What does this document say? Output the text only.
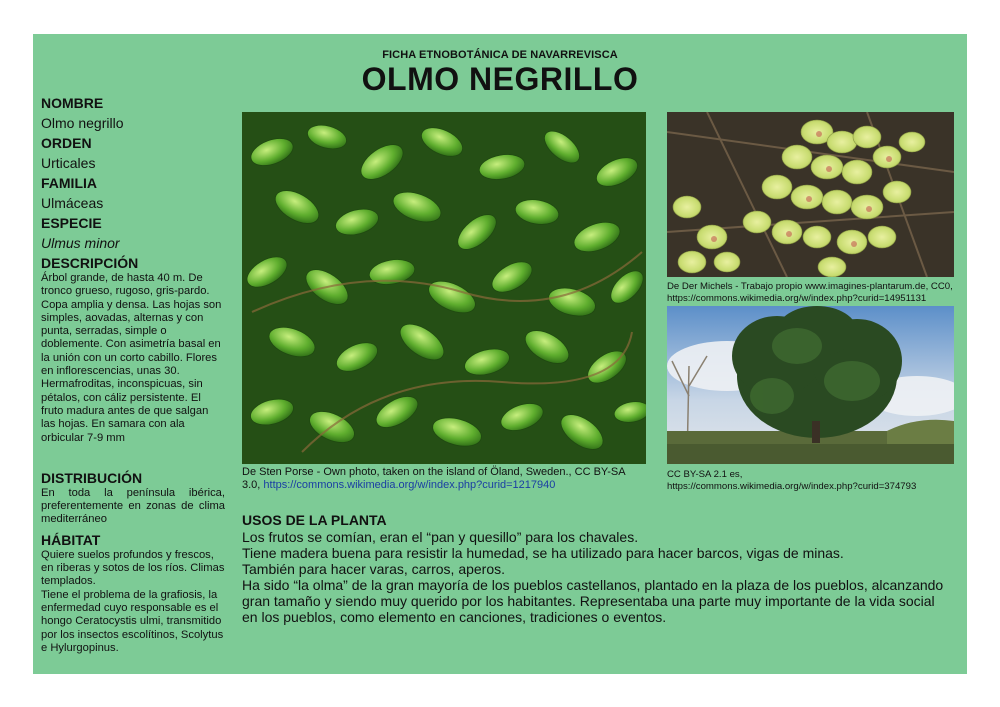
FICHA ETNOBOTÁNICA DE NAVARREVISCA
OLMO NEGRILLO

NOMBRE

Olmo negrillo

ORDEN

Urticales

FAMILIA

Ulmáceas

ESPECIE

Ulmus minor

DESCRIPCIÓN

Árbol grande, de hasta 40 m. De tronco grueso, rugoso, gris-pardo. Copa amplia y densa. Las hojas son simples, aovadas, alternas y con punta, serradas, simple o doblemente. Con asimetría basal en la unión con un corto cabillo. Flores en inflorescencias, unas 30. Hermafroditas, inconspicuas, sin pétalos, con cáliz persistente. El fruto madura antes de que salgan las hojas. En samara con ala orbicular 7-9 mm

DISTRIBUCIÓN

En toda la península ibérica, preferentemente en zonas de clima mediterráneo

HÁBITAT

Quiere suelos profundos y frescos, en riberas y sotos de los ríos. Climas templados.

Tiene el problema de la grafiosis, la enfermedad cuyo responsable es el hongo Ceratocystis ulmi, transmitido por los insectos escolítinos, Scolytus e Hylurgopinus.

De Sten Porse - Own photo, taken on the island of Öland, Sweden., CC BY-SA 3.0, https://commons.wikimedia.org/w/index.php?curid=1217940
De Der Michels - Trabajo propio www.imagines-plantarum.de, CC0,
https://commons.wikimedia.org/w/index.php?curid=14951131
CC BY-SA 2.1 es,
https://commons.wikimedia.org/w/index.php?curid=374793

USOS DE LA PLANTA

Los frutos se comían, eran el “pan y quesillo” para los chavales.

Tiene madera buena para resistir la humedad, se ha utilizado para hacer barcos, vigas de minas.

También para hacer varas, carros, aperos.

Ha sido “la olma” de la gran mayoría de los pueblos castellanos, plantado en la plaza de los pueblos, alcanzando gran tamaño y siendo muy querido por los habitantes. Representaba una parte muy importante de la vida social en los pueblos, como elemento en canciones, tradiciones o eventos.
